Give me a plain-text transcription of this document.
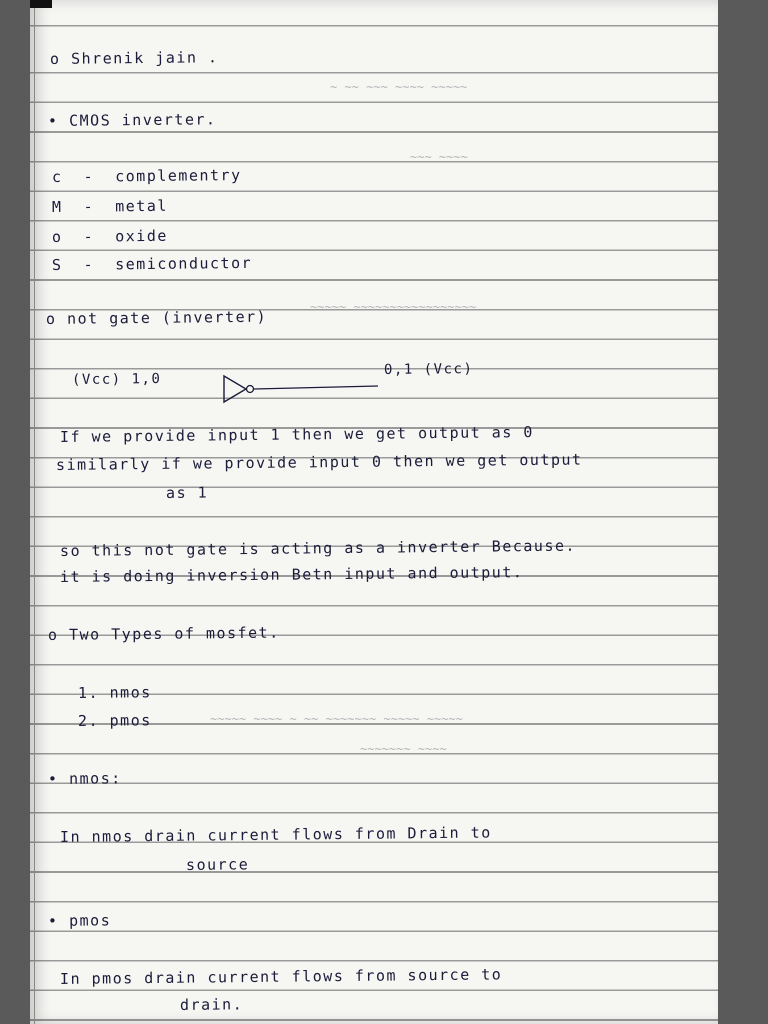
~ ~~ ~~~ ~~~~ ~~~~~
~~~ ~~~~
~~~~~ ~~~~~~~~~~~~~~~~~
~~~~~ ~~~~ ~ ~~ ~~~~~~~ ~~~~~ ~~~~~
~~~~~~~ ~~~~
o Shrenik jain .
• CMOS inverter.
c - complementry
M - metal
o - oxide
S - semiconductor
o not gate (inverter)
(Vcc) 1,0
0,1 (Vcc)
If we provide input 1 then we get output as 0
similarly if we provide input 0 then we get output
as 1
so this not gate is acting as a inverter Because.
it is doing inversion Betn input and output.
o Two Types of mosfet.
1. nmos
2. pmos
• nmos:
In nmos drain current flows from Drain to
source
• pmos
In pmos drain current flows from source to
drain.
